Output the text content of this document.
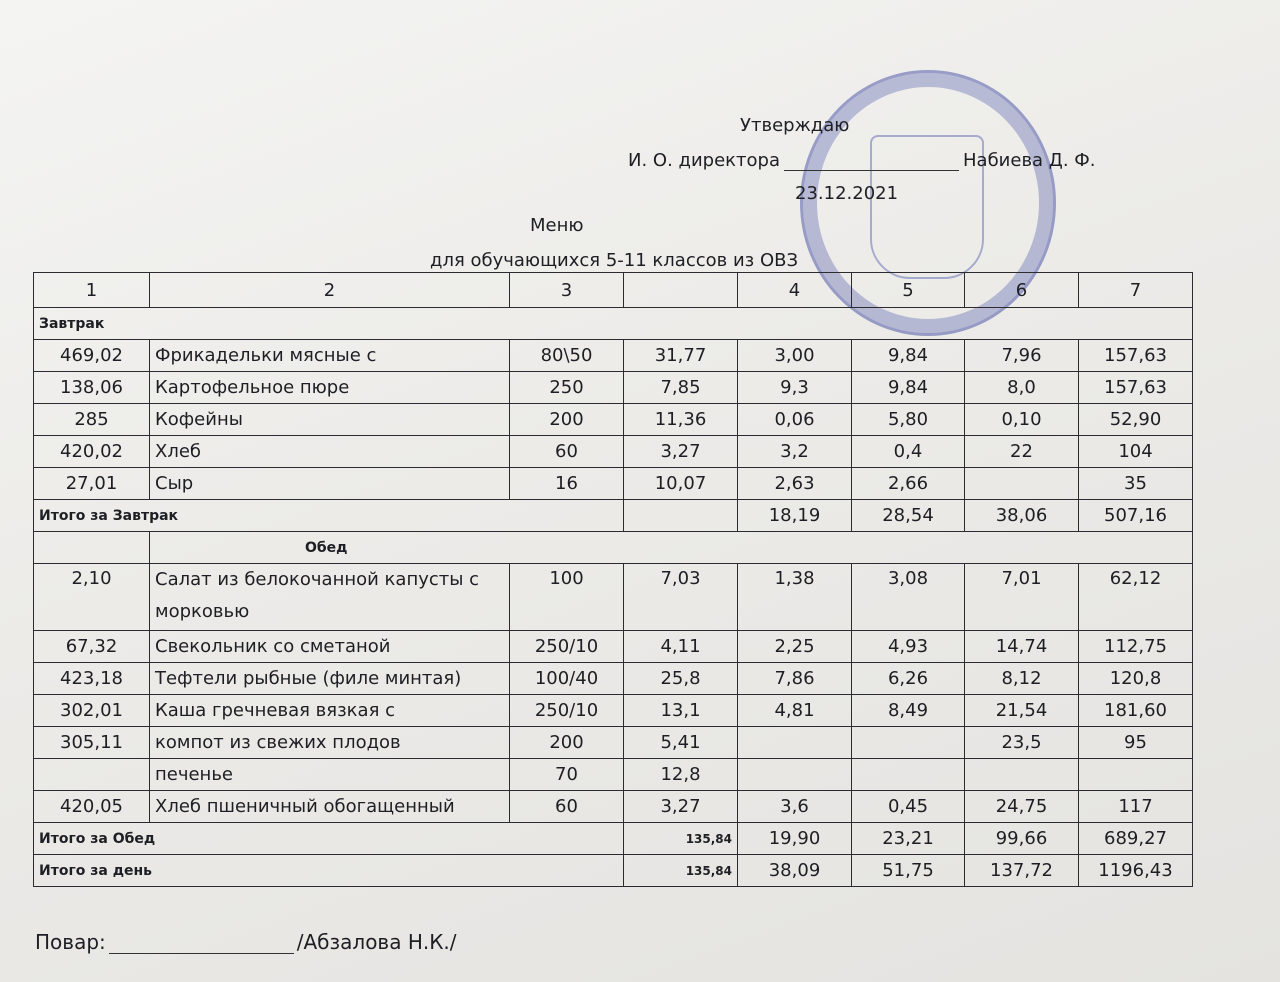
Утверждаю
И. О. директора	Набиева Д. Ф.
23.12.2021
Меню
для обучающихся 5-11 классов из ОВЗ
1	2	3		4	5	6	7
Завтрак							
469,02	Фрикадельки мясные с	80\50	31,77	3,00	9,84	7,96	157,63
138,06	Картофельное пюре	250	7,85	9,3	9,84	8,0	157,63
285	Кофейны	200	11,36	0,06	5,80	0,10	52,90
420,02	Хлеб	60	3,27	3,2	0,4	22	104
27,01	Сыр	16	10,07	2,63	2,66		35
Итого за Завтрак				18,19	28,54	38,06	507,16
	Обед						
2,10	Салат из белокочанной капусты с морковью	100	7,03	1,38	3,08	7,01	62,12
67,32	Свекольник со сметаной	250/10	4,11	2,25	4,93	14,74	112,75
423,18	Тефтели рыбные (филе минтая)	100/40	25,8	7,86	6,26	8,12	120,8
302,01	Каша гречневая вязкая с	250/10	13,1	4,81	8,49	21,54	181,60
305,11	компот из свежих плодов	200	5,41			23,5	95
	печенье	70	12,8				
420,05	Хлеб пшеничный обогащенный	60	3,27	3,6	0,45	24,75	117
Итого за Обед			135,84	19,90	23,21	99,66	689,27
Итого за день			135,84	38,09	51,75	137,72	1196,43
Повар:	/Абзалова Н.К./
